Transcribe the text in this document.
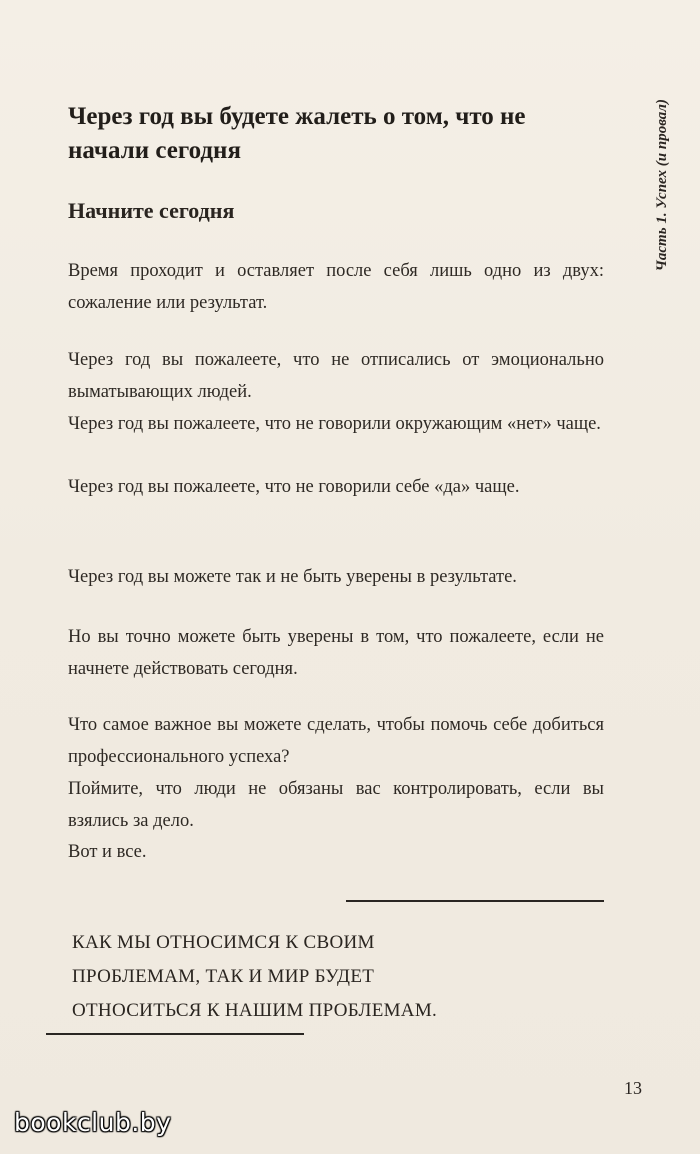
Часть 1. Успех (и провал)
Через год вы будете жалеть о том, что не начали сегодня
Начните сегодня
Время проходит и оставляет после себя лишь одно из двух: сожаление или результат.
Через год вы пожалеете, что не отписались от эмоционально выматывающих людей.
Через год вы пожалеете, что не говорили окружающим «нет» чаще.
Через год вы пожалеете, что не говорили себе «да» чаще.
Через год вы можете так и не быть уверены в результате.
Но вы точно можете быть уверены в том, что пожалеете, если не начнете действовать сегодня.
Что самое важное вы можете сделать, чтобы помочь себе добиться профессионального успеха?
Поймите, что люди не обязаны вас контролировать, если вы взялись за дело.
Вот и все.
КАК МЫ ОТНОСИМСЯ К СВОИМ
ПРОБЛЕМАМ, ТАК И МИР БУДЕТ
ОТНОСИТЬСЯ К НАШИМ ПРОБЛЕМАМ.
13
bookclub.by
